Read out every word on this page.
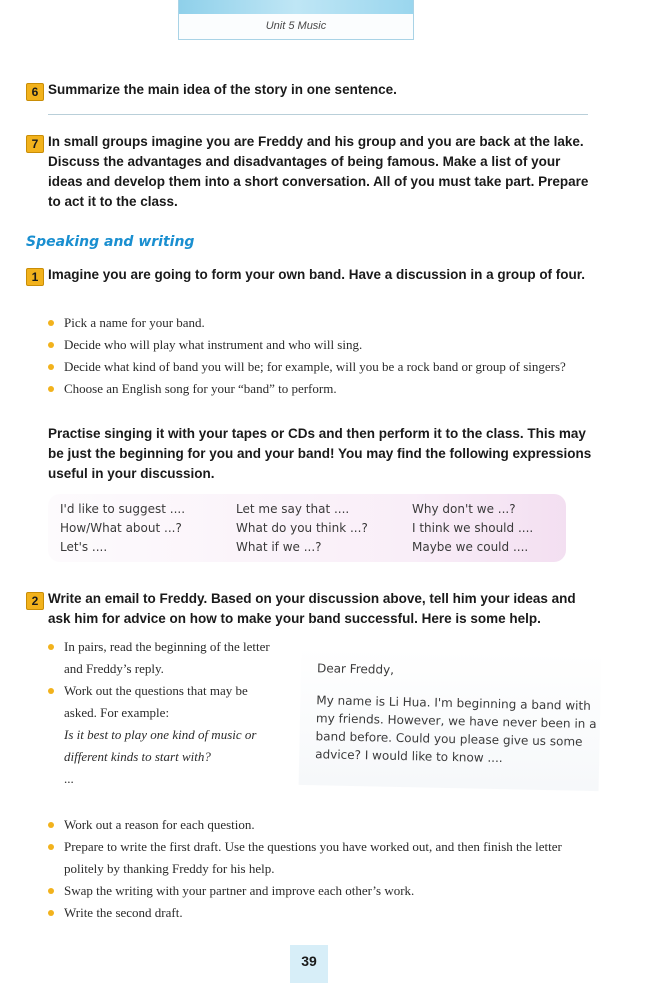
Unit 5 Music
6 Summarize the main idea of the story in one sentence.
7 In small groups imagine you are Freddy and his group and you are back at the lake. Discuss the advantages and disadvantages of being famous. Make a list of your ideas and develop them into a short conversation. All of you must take part. Prepare to act it to the class.
Speaking and writing
1 Imagine you are going to form your own band. Have a discussion in a group of four.
Pick a name for your band.
Decide who will play what instrument and who will sing.
Decide what kind of band you will be; for example, will you be a rock band or group of singers?
Choose an English song for your “band” to perform.
Practise singing it with your tapes or CDs and then perform it to the class. This may be just the beginning for you and your band! You may find the following expressions useful in your discussion.
I'd like to suggest ....	Let me say that ....	Why don't we ...?
How/What about ...?	What do you think ...?	I think we should ....
Let's ....	What if we ...?	Maybe we could ....
2 Write an email to Freddy. Based on your discussion above, tell him your ideas and ask him for advice on how to make your band successful. Here is some help.
In pairs, read the beginning of the letter
and Freddy’s reply.
Work out the questions that may be
asked. For example:
Is it best to play one kind of music or
different kinds to start with?
...
Dear Freddy,
My name is Li Hua. I'm beginning a band with
my friends. However, we have never been in a
band before. Could you please give us some
advice? I would like to know ....
Work out a reason for each question.
Prepare to write the first draft. Use the questions you have worked out, and then finish the letter politely by thanking Freddy for his help.
Swap the writing with your partner and improve each other’s work.
Write the second draft.
39
